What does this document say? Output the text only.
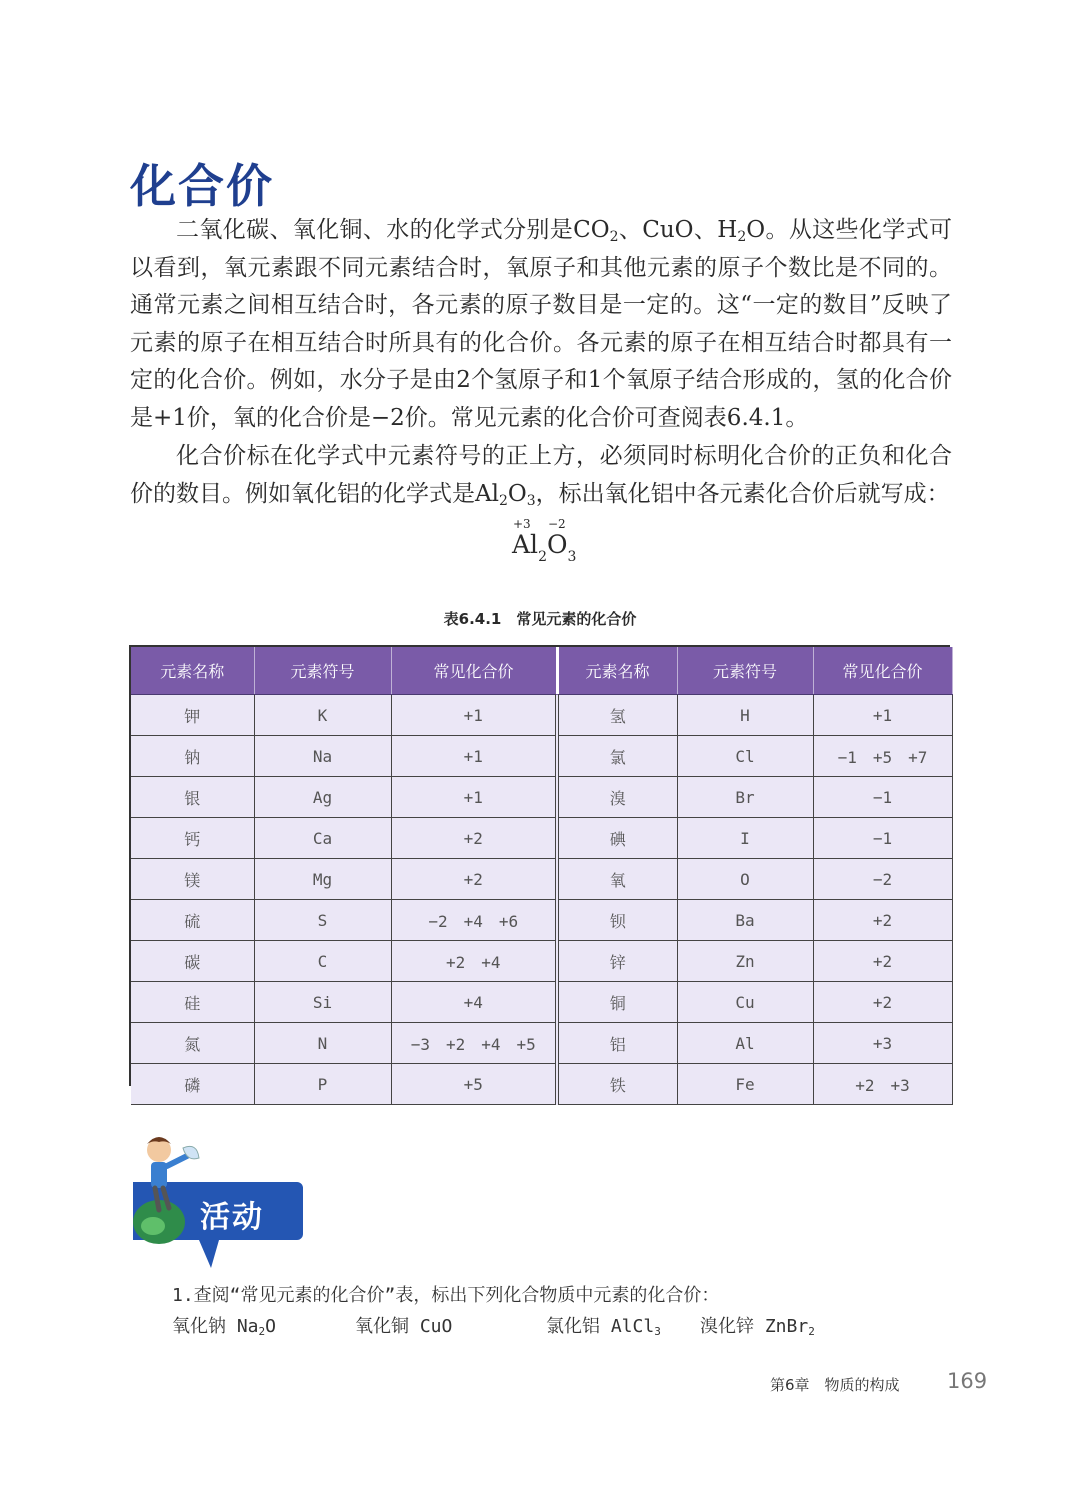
化合价

二氧化碳、氧化铜、水的化学式分别是$CO_2$、CuO、$H_2O$。从这些化学式可以看到，氧元素跟不同元素结合时，氧原子和其他元素的原子个数比是不同的。通常元素之间相互结合时，各元素的原子数目是一定的。这“一定的数目”反映了元素的原子在相互结合时所具有的化合价。各元素的原子在相互结合时都具有一定的化合价。例如，水分子是由2个氢原子和1个氧原子结合形成的，氢的化合价是+1价，氧的化合价是−2价。常见元素的化合价可查阅表6.4.1。

化合价标在化学式中元素符号的正上方，必须同时标明化合价的正负和化合价的数目。例如氧化铝的化学式是$Al_2O_3$，标出氧化铝中各元素化合价后就写成：

+3
Al 2
−2
O 3
表6.4.1　常见元素的化合价
元素名称	元素符号	常见化合价	元素名称	元素符号	常见化合价
钾	K	+1	氢	H	+1
钠	Na	+1	氯	Cl	−1　+5　+7
银	Ag	+1	溴	Br	−1
钙	Ca	+2	碘	I	−1
镁	Mg	+2	氧	O	−2
硫	S	−2　+4　+6	钡	Ba	+2
碳	C	+2　+4	锌	Zn	+2
硅	Si	+4	铜	Cu	+2
氮	N	−3　+2　+4　+5	铝	Al	+3
磷	P	+5	铁	Fe	+2　+3
活动
1.查阅“常见元素的化合价”表，标出下列化合物质中元素的化合价：
氧化钠 $Na_2O$	氧化铜 CuO	氯化铝 AlCl$_3$ 溴化锌 ZnBr$_2$
第6章　物质的构成 169
